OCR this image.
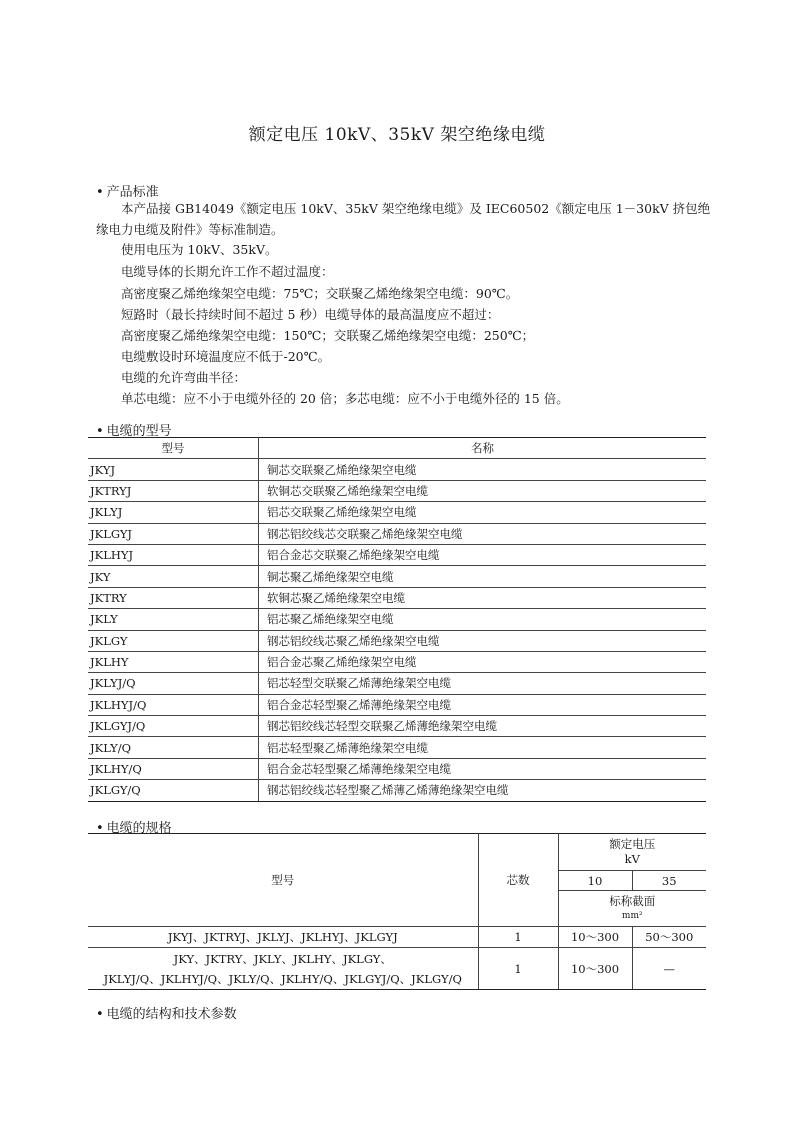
额定电压 10kV、35kV 架空绝缘电缆
• 产品标准
本产品接 GB14049《额定电压 10kV、35kV 架空绝缘电缆》及 IEC60502《额定电压 1－30kV 挤包绝缘电力电缆及附件》等标准制造。
使用电压为 10kV、35kV。
电缆导体的长期允许工作不超过温度：
高密度聚乙烯绝缘架空电缆：75℃；交联聚乙烯绝缘架空电缆：90℃。
短路时（最长持续时间不超过 5 秒）电缆导体的最高温度应不超过：
高密度聚乙烯绝缘架空电缆：150℃；交联聚乙烯绝缘架空电缆：250℃；
电缆敷设时环境温度应不低于-20℃。
电缆的允许弯曲半径：
单芯电缆：应不小于电缆外径的 20 倍；多芯电缆：应不小于电缆外径的 15 倍。
• 电缆的型号
型号	名称
JKYJ	铜芯交联聚乙烯绝缘架空电缆
JKTRYJ	软铜芯交联聚乙烯绝缘架空电缆
JKLYJ	铝芯交联聚乙烯绝缘架空电缆
JKLGYJ	钢芯铝绞线芯交联聚乙烯绝缘架空电缆
JKLHYJ	铝合金芯交联聚乙烯绝缘架空电缆
JKY	铜芯聚乙烯绝缘架空电缆
JKTRY	软铜芯聚乙烯绝缘架空电缆
JKLY	铝芯聚乙烯绝缘架空电缆
JKLGY	钢芯铝绞线芯聚乙烯绝缘架空电缆
JKLHY	铝合金芯聚乙烯绝缘架空电缆
JKLYJ/Q	铝芯轻型交联聚乙烯薄绝缘架空电缆
JKLHYJ/Q	铝合金芯轻型聚乙烯薄绝缘架空电缆
JKLGYJ/Q	钢芯铝绞线芯轻型交联聚乙烯薄绝缘架空电缆
JKLY/Q	铝芯轻型聚乙烯薄绝缘架空电缆
JKLHY/Q	铝合金芯轻型聚乙烯薄绝缘架空电缆
JKLGY/Q	钢芯铝绞线芯轻型聚乙烯薄乙烯薄绝缘架空电缆
• 电缆的规格
型号	芯数	额定电压
kV	

		10	35

		标称截面
mm²	

JKYJ、JKTRYJ、JKLYJ、JKLHYJ、JKLGYJ	1	10～300	50～300

JKY、JKTRY、JKLY、JKLHY、JKLGY、
JKLYJ/Q、JKLHYJ/Q、JKLY/Q、JKLHY/Q、JKLGYJ/Q、JKLGY/Q	1	10～300	—
• 电缆的结构和技术参数
